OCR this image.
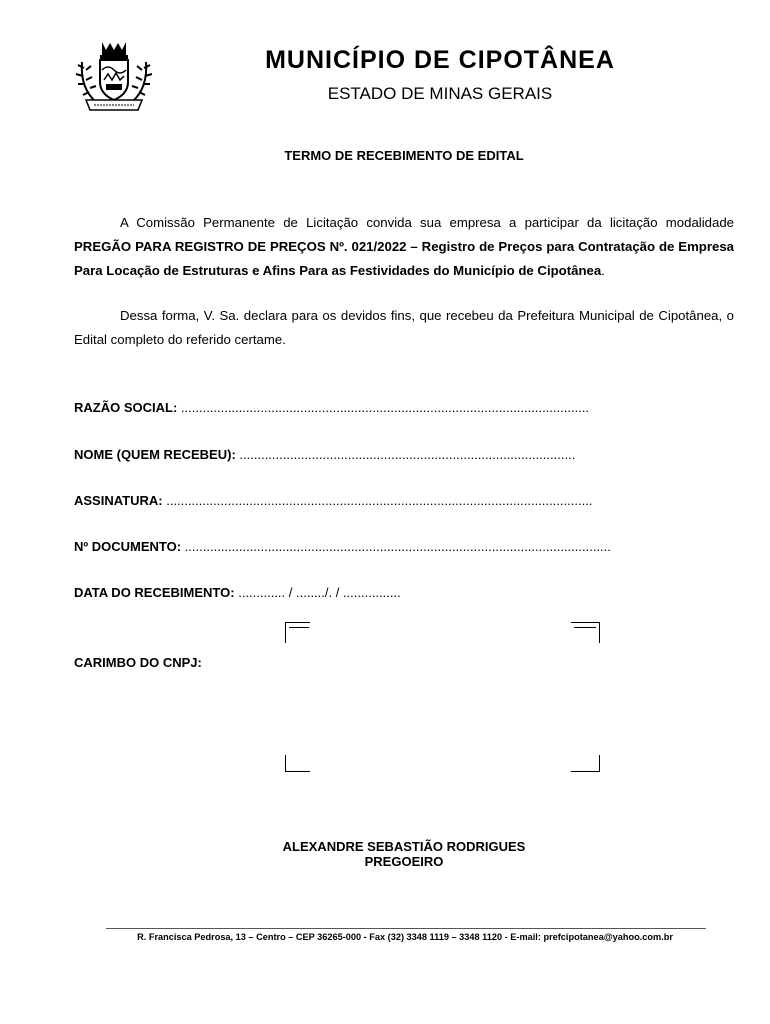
MUNICÍPIO DE CIPOTÂNEA
ESTADO DE MINAS GERAIS
TERMO DE RECEBIMENTO DE EDITAL
A Comissão Permanente de Licitação convida sua empresa a participar da licitação modalidade PREGÃO PARA REGISTRO DE PREÇOS Nº. 021/2022 – Registro de Preços para Contratação de Empresa Para Locação de Estruturas e Afins Para as Festividades do Município de Cipotânea.
Dessa forma, V. Sa. declara para os devidos fins, que recebeu da Prefeitura Municipal de Cipotânea, o Edital completo do referido certame.
RAZÃO SOCIAL: .................................................................................................................
NOME (QUEM RECEBEU): .............................................................................................
ASSINATURA: ......................................................................................................................
Nº DOCUMENTO: ......................................................................................................................
DATA DO RECEBIMENTO: ............. / ......../. / ................
CARIMBO DO CNPJ:
ALEXANDRE SEBASTIÃO RODRIGUES
PREGOEIRO
R. Francisca Pedrosa, 13 – Centro – CEP 36265-000 - Fax (32) 3348 1119 – 3348 1120 - E-mail: prefcipotanea@yahoo.com.br
